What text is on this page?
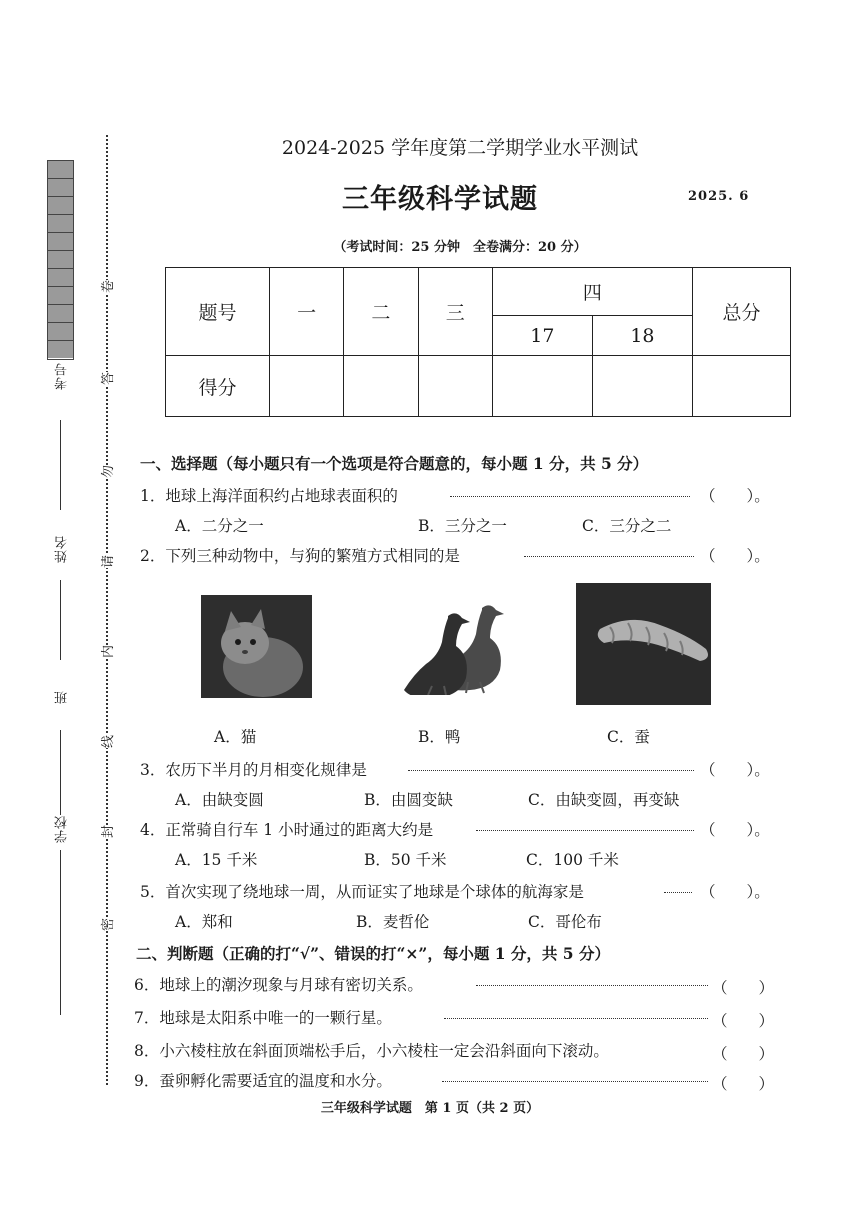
考号
姓名
班
学校
卷
答
勿
请
内
线
封
密
2024-2025 学年度第二学期学业水平测试
三年级科学试题	2025. 6
（考试时间：25 分钟　全卷满分：20 分）
题号	一	二	三	四		总分
				17	18	
得分						
一、选择题（每小题只有一个选项是符合题意的，每小题 1 分，共 5 分）
1．地球上海洋面积约占地球表面积的	（　　）。
A．二分之一	B．三分之一	C．三分之二
2．下列三种动物中，与狗的繁殖方式相同的是	（　　）。
A．猫	B．鸭	C．蚕
3．农历下半月的月相变化规律是	（　　）。
A．由缺变圆	B．由圆变缺	C．由缺变圆，再变缺
4．正常骑自行车 1 小时通过的距离大约是	（　　）。
A．15 千米	B．50 千米	C．100 千米
5．首次实现了绕地球一周，从而证实了地球是个球体的航海家是	（　　）。
A．郑和	B．麦哲伦	C．哥伦布
二、判断题（正确的打“√”、错误的打“×”，每小题 1 分，共 5 分）
6．地球上的潮汐现象与月球有密切关系。	（　　）
7．地球是太阳系中唯一的一颗行星。	（　　）
8．小六棱柱放在斜面顶端松手后，小六棱柱一定会沿斜面向下滚动。	（　　）
9．蚕卵孵化需要适宜的温度和水分。	（　　）
三年级科学试题　第 1 页（共 2 页）
